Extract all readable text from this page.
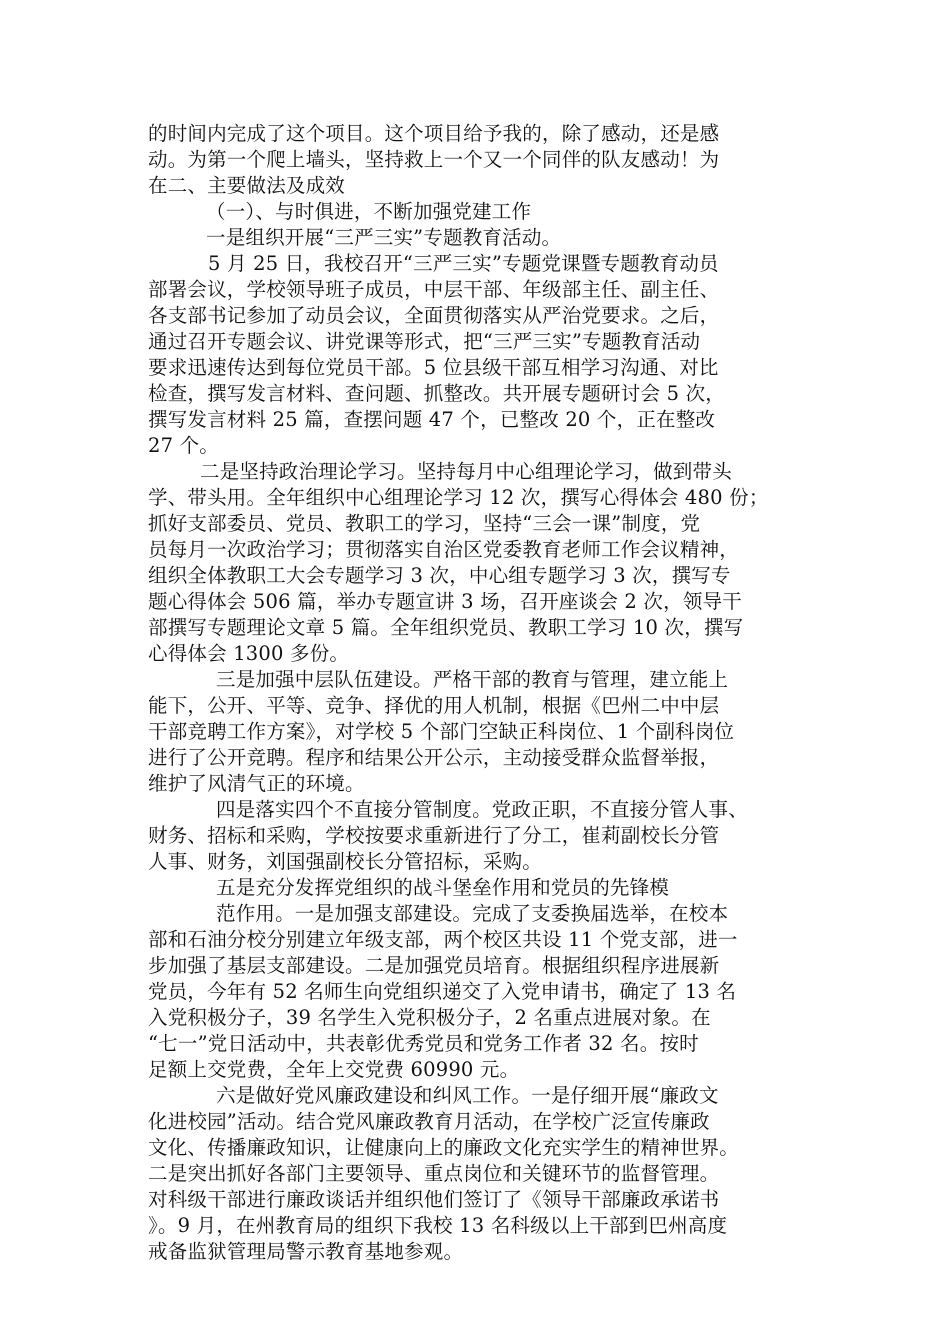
的时间内完成了这个项目。这个项目给予我的，除了感动，还是感
动。为第一个爬上墙头，坚持救上一个又一个同伴的队友感动！为
在二、主要做法及成效
（一）、与时俱进，不断加强党建工作
一是组织开展“三严三实”专题教育活动。
5 月 25 日，我校召开“三严三实”专题党课暨专题教育动员
部署会议，学校领导班子成员，中层干部、年级部主任、副主任、
各支部书记参加了动员会议，全面贯彻落实从严治党要求。之后，
通过召开专题会议、讲党课等形式，把“三严三实”专题教育活动
要求迅速传达到每位党员干部。5 位县级干部互相学习沟通、对比
检查，撰写发言材料、查问题、抓整改。共开展专题研讨会 5 次，
撰写发言材料 25 篇，查摆问题 47 个，已整改 20 个，正在整改
27 个。
二是坚持政治理论学习。坚持每月中心组理论学习，做到带头
学、带头用。全年组织中心组理论学习 12 次，撰写心得体会 480 份；
抓好支部委员、党员、教职工的学习，坚持“三会一课”制度，党
员每月一次政治学习；贯彻落实自治区党委教育老师工作会议精神，
组织全体教职工大会专题学习 3 次，中心组专题学习 3 次，撰写专
题心得体会 506 篇，举办专题宣讲 3 场，召开座谈会 2 次，领导干
部撰写专题理论文章 5 篇。全年组织党员、教职工学习 10 次，撰写
心得体会 1300 多份。
三是加强中层队伍建设。严格干部的教育与管理，建立能上
能下，公开、平等、竞争、择优的用人机制，根据《巴州二中中层
干部竞聘工作方案》，对学校 5 个部门空缺正科岗位、1 个副科岗位
进行了公开竞聘。程序和结果公开公示，主动接受群众监督举报，
维护了风清气正的环境。
四是落实四个不直接分管制度。党政正职，不直接分管人事、
财务、招标和采购，学校按要求重新进行了分工，崔莉副校长分管
人事、财务，刘国强副校长分管招标，采购。
五是充分发挥党组织的战斗堡垒作用和党员的先锋模
范作用。一是加强支部建设。完成了支委换届选举，在校本
部和石油分校分别建立年级支部，两个校区共设 11 个党支部，进一
步加强了基层支部建设。二是加强党员培育。根据组织程序进展新
党员，今年有 52 名师生向党组织递交了入党申请书，确定了 13 名
入党积极分子，39 名学生入党积极分子，2 名重点进展对象。在
“七一”党日活动中，共表彰优秀党员和党务工作者 32 名。按时
足额上交党费，全年上交党费 60990 元。
六是做好党风廉政建设和纠风工作。一是仔细开展“廉政文
化进校园”活动。结合党风廉政教育月活动，在学校广泛宣传廉政
文化、传播廉政知识，让健康向上的廉政文化充实学生的精神世界。
二是突出抓好各部门主要领导、重点岗位和关键环节的监督管理。
对科级干部进行廉政谈话并组织他们签订了《领导干部廉政承诺书
》。9 月，在州教育局的组织下我校 13 名科级以上干部到巴州高度
戒备监狱管理局警示教育基地参观。
